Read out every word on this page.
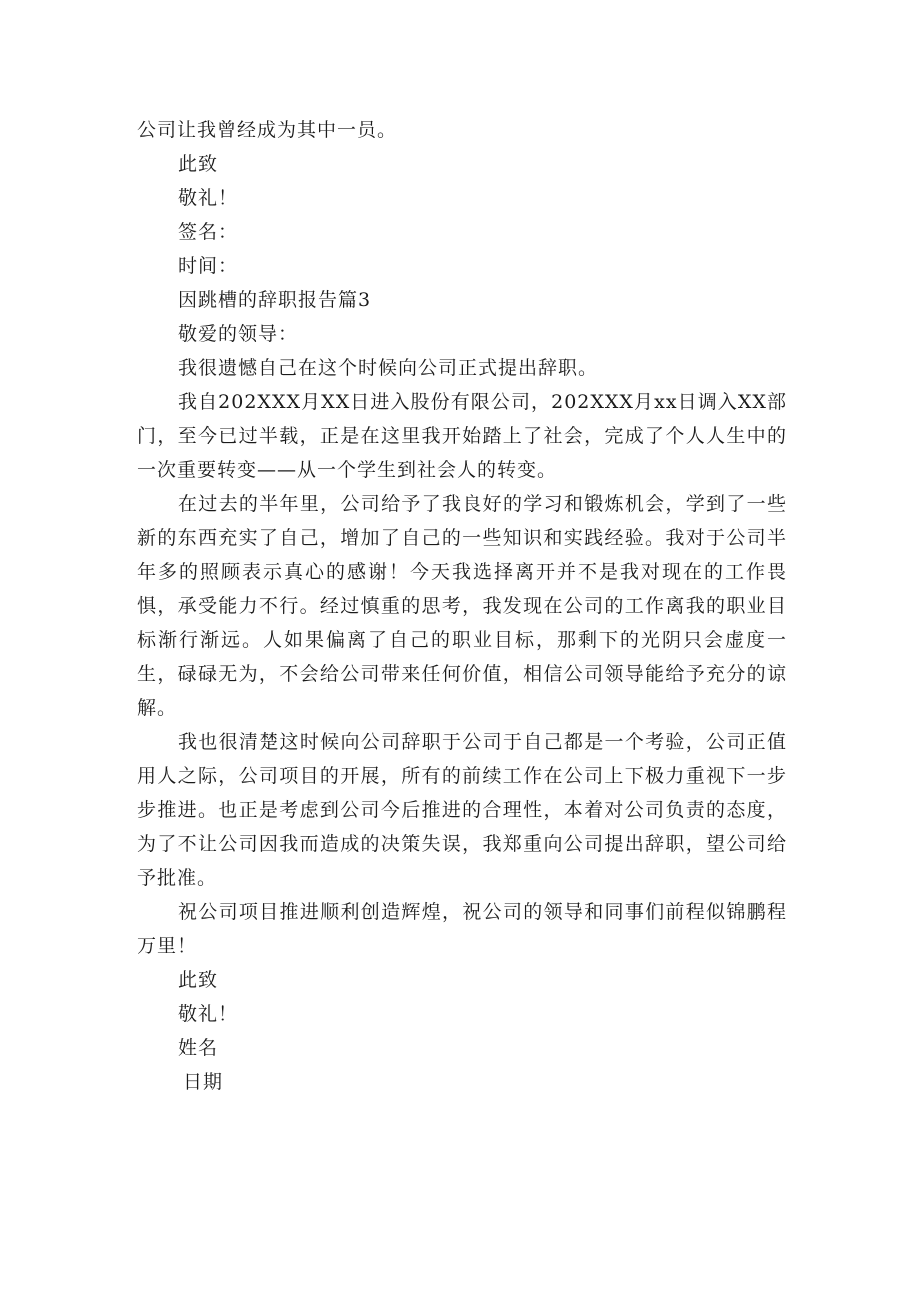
公司让我曾经成为其中一员。

此致

敬礼！

签名：

时间：

因跳槽的辞职报告篇3

敬爱的领导：

我很遗憾自己在这个时候向公司正式提出辞职。

我自202XXX月XX日进入股份有限公司，202XXX月xx日调入XX部门，至今已过半载，正是在这里我开始踏上了社会，完成了个人人生中的一次重要转变——从一个学生到社会人的转变。

在过去的半年里，公司给予了我良好的学习和锻炼机会，学到了一些新的东西充实了自己，增加了自己的一些知识和实践经验。我对于公司半年多的照顾表示真心的感谢！今天我选择离开并不是我对现在的工作畏惧，承受能力不行。经过慎重的思考，我发现在公司的工作离我的职业目标渐行渐远。人如果偏离了自己的职业目标，那剩下的光阴只会虚度一生，碌碌无为，不会给公司带来任何价值，相信公司领导能给予充分的谅解。

我也很清楚这时候向公司辞职于公司于自己都是一个考验，公司正值用人之际，公司项目的开展，所有的前续工作在公司上下极力重视下一步步推进。也正是考虑到公司今后推进的合理性，本着对公司负责的态度，为了不让公司因我而造成的决策失误，我郑重向公司提出辞职，望公司给予批准。

祝公司项目推进顺利创造辉煌，祝公司的领导和同事们前程似锦鹏程万里！

此致

敬礼！

姓名

日期
